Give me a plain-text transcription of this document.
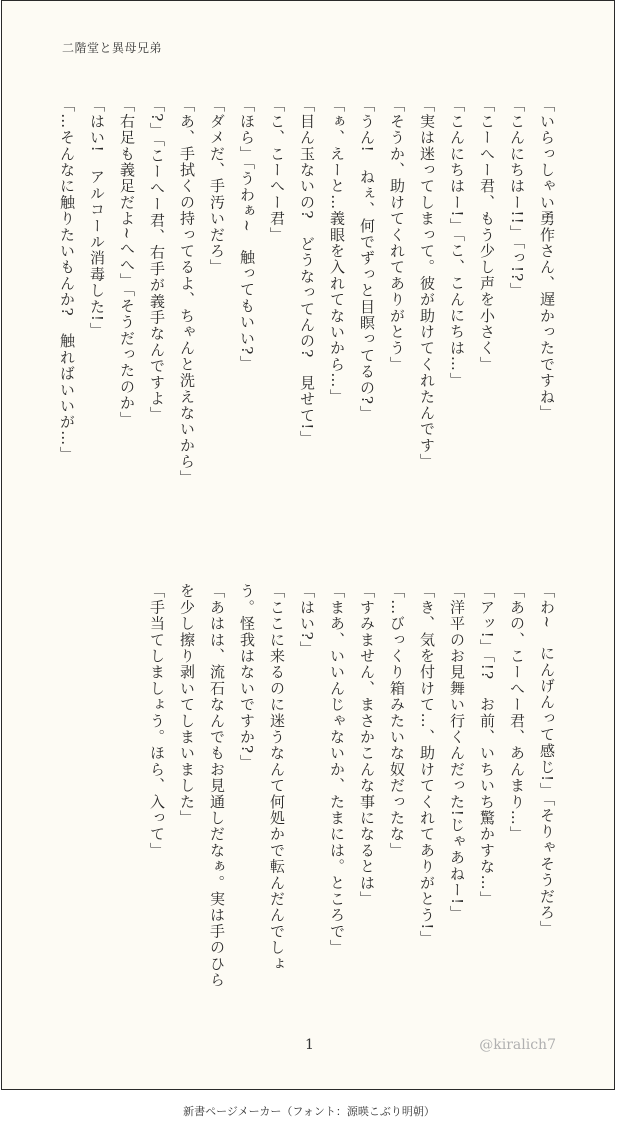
二階堂と異母兄弟

「いらっしゃい勇作さん、遅かったですね」

「こんにちはー!!」「っ!?」

「こーへー君、もう少し声を小さく」

「こんにちはー!」「こ、こんにちは…」

「実は迷ってしまって。彼が助けてくれたんです」

「そうか、助けてくれてありがとう」

「うん!　ねぇ、何でずっと目瞑ってるの?」

「ぁ、えーと…義眼を入れてないから…」

「目ん玉ないの?　どうなってんの?　見せて!」

「こ、こーへー君」

「ほら」「うわぁ~　触ってもいい?」

「ダメだ、手汚いだろ」

「あ、手拭くの持ってるよ、ちゃんと洗えないから」

「?」「こーへー君、右手が義手なんですよ」

「右足も義足だよ~へへ」「そうだったのか」

「はい!　アルコール消毒した!」

「…そんなに触りたいもんか?　触ればいいが…」

「わ~　にんげんって感じ!」「そりゃそうだろ」

「あの、こーへー君、あんまり…」

「アッ!」「!?　お前、いちいち驚かすな…」

「洋平のお見舞い行くんだった!じゃあねー!」

「き、気を付けて…、助けてくれてありがとう!」

「…びっくり箱みたいな奴だったな」

「すみません、まさかこんな事になるとは」

「まあ、いいんじゃないか、たまには。ところで」

「はい?」

「ここに来るのに迷うなんて何処かで転んだんでしょう。怪我はないですか?」

「あはは、流石なんでもお見通しだなぁ。実は手のひらを少し擦り剥いてしまいました」

「手当てしましょう。ほら、入って」

1	@kiralich7
新書ページメーカー（フォント：源暎こぶり明朝）
